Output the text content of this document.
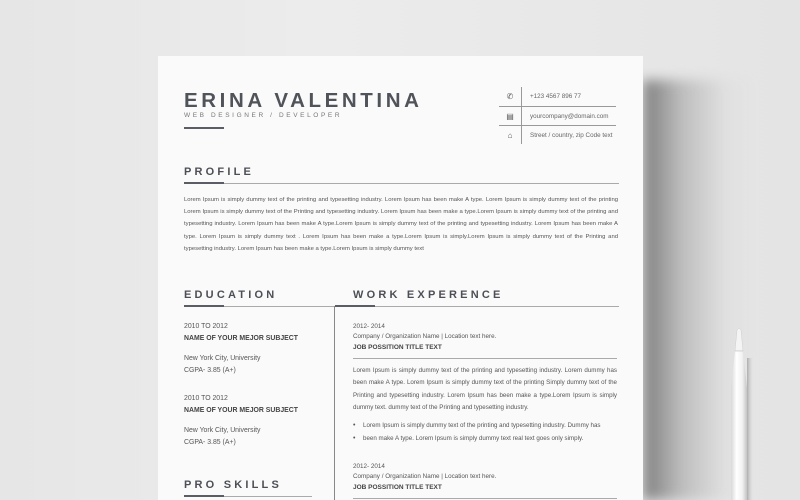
ERINA VALENTINA
WEB DESIGNER / DEVELOPER
✆	+123 4567 896 77
▤	yourcompany@domain.com
⌂	Street / country, zip Code text
PROFILE
Lorem Ipsum is simply dummy text of the printing and typesetting industry. Lorem Ipsum has been make A type. Lorem Ipsum is simply dummy text of the printing Lorem Ipsum is simply dummy text of the Printing and typesetting industry. Lorem Ipsum has been make a type.Lorem Ipsum is simply dummy text of the printing and typesetting industry. Lorem Ipsum has been make A type.Lorem Ipsum is simply dummy text of the printing and typesetting industry. Lorem Ipsum has been make A type. Lorem Ipsum is simply dummy text . Lorem Ipsum has been make a type.Lorem Ipsum is simply.Lorem Ipsum is simply dummy text of the Printing and typesetting industry. Lorem Ipsum has been make a type.Lorem Ipsum is simply dummy text
EDUCATION
2010 TO 2012
NAME OF YOUR MEJOR SUBJECT
New York City, University
CGPA- 3.85 (A+)
2010 TO 2012
NAME OF YOUR MEJOR SUBJECT
New York City, University
CGPA- 3.85 (A+)
PRO SKILLS
WORK EXPERENCE
2012- 2014
Company / Organization Name | Location text here.
JOB POSSITION TITLE TEXT
Lorem Ipsum is simply dummy text of the printing and typesetting industry. Lorem dummy has been make A type. Lorem Ipsum is simply dummy text of the printing Simply dummy text of the Printing and typesetting industry. Lorem Ipsum has been make a type.Lorem Ipsum is simply dummy text. dummy text of the Printing and typesetting industry.
• Lorem Ipsum is simply dummy text of the printing and typesetting industry. Dummy has
• been make A type. Lorem Ipsum is simply dummy text real text goes only simply.
2012- 2014
Company / Organization Name | Location text here.
JOB POSSITION TITLE TEXT
